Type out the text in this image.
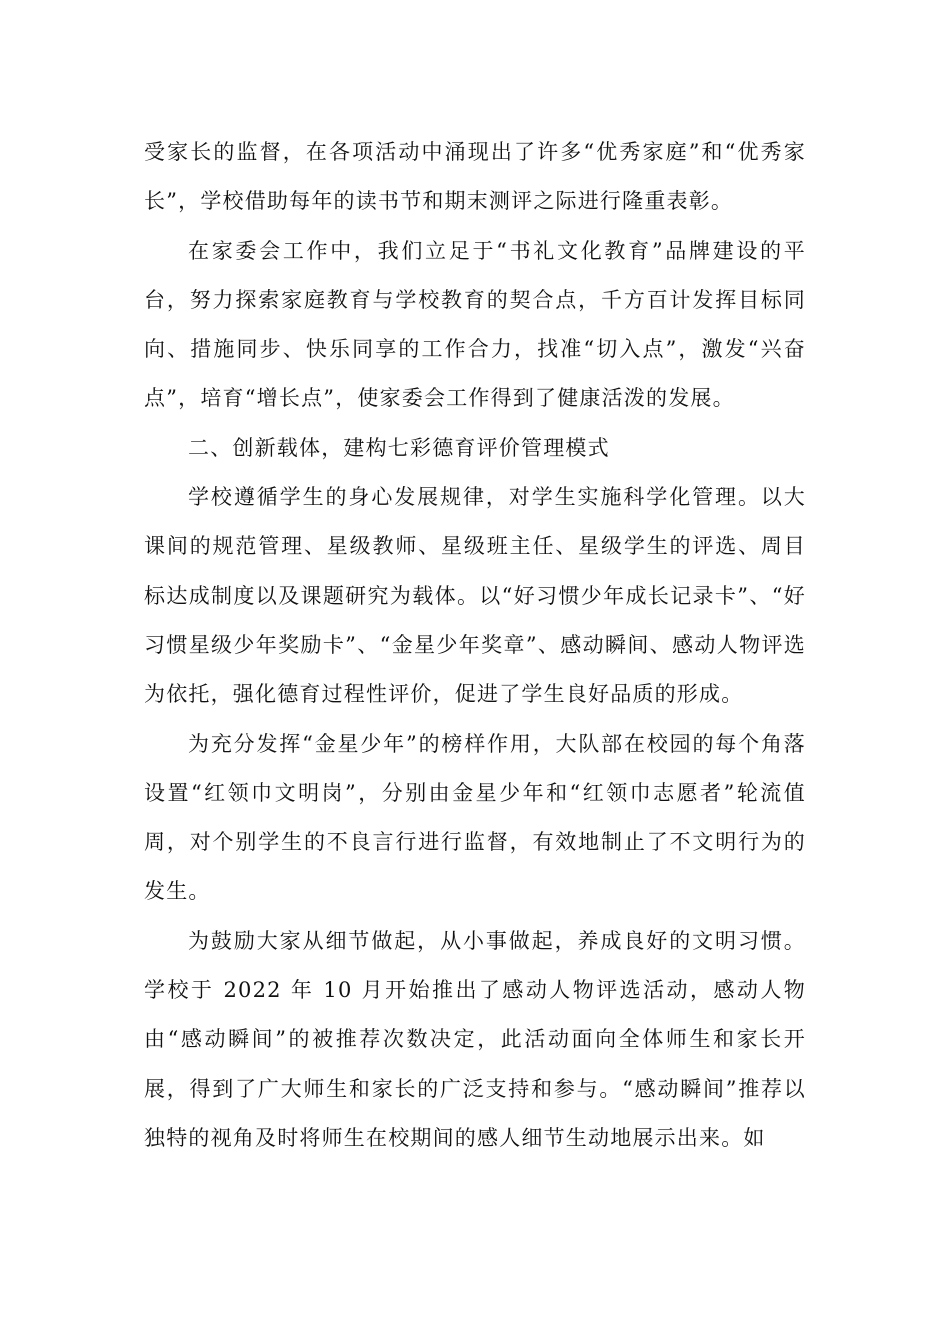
受家长的监督，在各项活动中涌现出了许多“优秀家庭”和“优秀家长”，学校借助每年的读书节和期末测评之际进行隆重表彰。

在家委会工作中，我们立足于“书礼文化教育”品牌建设的平台，努力探索家庭教育与学校教育的契合点，千方百计发挥目标同向、措施同步、快乐同享的工作合力，找准“切入点”，激发“兴奋点”，培育“增长点”，使家委会工作得到了健康活泼的发展。

二、创新载体，建构七彩德育评价管理模式

学校遵循学生的身心发展规律，对学生实施科学化管理。以大课间的规范管理、星级教师、星级班主任、星级学生的评选、周目标达成制度以及课题研究为载体。以“好习惯少年成长记录卡”、“好习惯星级少年奖励卡”、“金星少年奖章”、感动瞬间、感动人物评选为依托，强化德育过程性评价，促进了学生良好品质的形成。

为充分发挥“金星少年”的榜样作用，大队部在校园的每个角落设置“红领巾文明岗”，分别由金星少年和“红领巾志愿者”轮流值周，对个别学生的不良言行进行监督，有效地制止了不文明行为的发生。

为鼓励大家从细节做起，从小事做起，养成良好的文明习惯。学校于 2022 年 10 月开始推出了感动人物评选活动，感动人物由“感动瞬间”的被推荐次数决定，此活动面向全体师生和家长开展，得到了广大师生和家长的广泛支持和参与。“感动瞬间”推荐以独特的视角及时将师生在校期间的感人细节生动地展示出来。如
